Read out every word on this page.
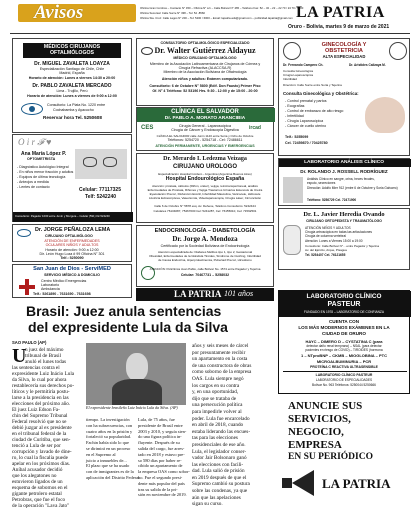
Avisos	Oficina Gran Combos – Contacto N° 450 – Oficina N° s/n – Calle Bolívar N° 465 – Teléfono Fax: 52 – 32 – 22 – 22 70 / 24 70 / 5300
Oficina Sucursal: Calle Sucre N° 338 – Tel: 52 -8560
Oficina Sta. Cruz: Calle Lagos N° 200 – Tel: 5200 / 6000 – Email: lapatria.ads@gmail.com – publicidad.lapatria@gmail.com LA PATRIA
Oruro - Bolivia, martes 9 de marzo de 2021
MÉDICOS CIRUJANOS
OFTALMÓLOGOS
Dr. MIGUEL ZAVALETA LOAYZA
Especialización Santiago de Chile, Chile
Madrid, España
Horario de atención: Lunes a viernes 14:30 a 20:00
Dr. PABLO ZAVALETA MERCADO
Lima - Trujillo, Perú
Horario de atención: Lunes a viernes de 9:00 a 12:00
Consultorio: La Plata No. 1220 entre
Cochabamba y Ayacucho
Reservar hora Tel. 5250608
O i r 𝓕 ♥
Ana María López P.
OPTOMETRISTA
- Diagnóstico Autológico Integral
- En niños menor fracción y adultos
- Equipos de última tecnología
- Anteojos a medida
- Lentes de contacto	Celular: 77117325
Telf: 5242240
Consultorio: Pagador 1030 entre Junín y Murguía – Celular (591) 02-524240
Dr. JORGE PEÑALOZA LEMA
CIRUJANO OFTALMÓLOGO
ATENCIÓN DE ENFERMEDADES
OCULARES NIÑOS Y ADULTOS
Horario de atención: 9:00 a 12:00
Dir. León Hugo Loza # 99 Oficina N° 301
Telf.: 5250090
San Juan de Dios - ServiMED
SERVICIO MÉDICO A DOMICILIO
Centro Médico Emergencias
Laboratorio
Ambulancia
Telf.: 5261890 - 7631690 - 7631698
CONSULTORIO OFTALMOLÓGICO ESPECIALIZADO
Dr. Walter Gutiérrez Aldayuz
MÉDICO CIRUJANO OFTALMÓLOGO
Miembro de la Asociación Latinoamericana de Cirujanos de Córnea y
Cirugía Refractiva (ALACCSA-R)
Miembro de la Asociación Boliviana de Oftalmología
Atención niños y adultos: Exámen computarizado.
Consultorio: 6 de Octubre N° 5800 (Edif. Don Fausto) Primer Piso
Of. N° 4 Teléfono: 52 53196 Hrs. 9:30 - 12:00 y de 15:00 - 20:00
CLÍNICA EL SALVADOR
Dr. PABLO A. MORATO ARANCIBIA
CES	ircad
Cirugía General - Laparoscópica
Cirugía de Cáncer y Endoscopia Digestiva
CLÍNICA EL SALVADOR calle Junín 1140 entre Soria y Ocho de Octubre
Teléfonos: 5254720 - 5254718 - Cel: 72486611
ATENCIÓN PERMANENTE, URGENCIAS Y EMERGENCIAS
Dr. Merardo I. Ledezma Veizaga
CIRUJANO UROLOGO
Especialización Hospital Cordero - Argentina (Argentina Buenos Aires)
Hospital Endourológico España
Atención: próstata, cálculos (Riñón, uréter), vejiga, retrotransperitoneal, análisis
Enfermedades de Próstata, Riñones y Vejiga Trastornos Urinarios Estenosis de Uretra
Eyaculación Precoz, Disfunción Eréctil, Infertilidad Masculina, Varicocele, Hidrocele
Litotricia Extracorpórea, Vasectomía, Videolaparoscopía, Cirugía Láser, Circuncisión
Calle 6 de Octubre N° 5878 esq. Av. Dehene, Teléfono Consultorio: 5242424
Celulares 76134087, 75467000 Cel: 5241287, Cel: 76155010, Cel: 71592501
ENDOCRINOLOGÍA – DIABETOLOGÍA
Dr. Jorge A. Mendoza
Certificado por la Sociedad Boliviana de Endocrinología
Atención especializada de: Diabetes Mellitus tipo 1, tipo 2, Gestacional
Obesidad, Enfermedades de la Glándula Tiroides, Síndrome de Cushing, Infertilidad
de Causa Endocrina, Hiperprolactinemia, Pubertad Precoz, Hirsutismo
ATENCIÓN: Policlínica Juan Pablo, calle Bolívar No. 1574 entre Pagador y Tejerina
Celular: 70467731 – 5258032
LA PATRIA 101 años
GINECOLOGÍA Y
OBSTETRICIA
ALTA ESPECIALIDAD
Dr. Fernando Campero Ch.	Dr. Aristides Calizaya M.
Consulta Ginecológica
Cirugía Laparoscópica
Infertilidad
Dirección: Calle Sucre entre Soria y Tejerina
Consulta Ginecológica y Obstétrica:
- Control prenatal y partos
- Ecografías
- Control de embarazo de alto riesgo
- Infertilidad
- Cirugía Laparoscópica
- Cáncer de cuello uterino
Telf.: 5255099
Cel. 72459870 / 70425780
LABORATORIO ANÁLISIS CLÍNICO
Dr. ROLANDO J. ROSSELL RODRÍGUEZ
Análisis Clínico en sangre, orina, heces fecales,
esputo, secreciones
Dirección: Adolfo Mier 912 (entre 6 de Octubre y Soria Galvarro)
Teléfono: 5256729 Cel. 72471900
Dr. L. Javier Heredia Ovando
CIRUJANO ORTOPEDISTA Y TRAUMATÓLOGO
ATENCIÓN NIÑOS Y ADULTOS
Cirugía artroscópica en todas las articulaciones
Cirugía de columna vertebral
Atención: Lunes a Viernes 15:00 a 19:00
Consultorio: Calle Bolívar N°... entre Pagador y Tejerina
Av. del Ejército, Arque, Pisagua
Tel. 5254407 Cel. 76121655
LABORATORIO CLÍNICO
PASTEUR
FUNDADO EN 1978 – LABORATORIO DE CONFIANZA
CUENTA CON
LOS MÁS MODERNOS EXÁMENES EN LA
CIUDAD DE ORURO
HAYC – DIMERO D – CYSTATINA C (para
detectar daño renal temprano) – NSAL (para detectar
pacientes en riesgo de COVID) – TIROIDES (hormona
1 – NTproBNP – CKMB – MIOGLOBINA – PTC
MICROALBUMINURIA – PCR
PROTEÍNA C REACTIVA ULTRASENSIBLE
LABORATORIO CLÍNICO PASTEUR
LABORATORIO DE ESPECIALIDADES
Bolívar No. 963 Teléfonos: 5250044 5250666
ANUNCIE SUS
SERVICIOS,
NEGOCIO,
EMPRESA
EN SU PERIÓDICO
LA PATRIA
Brasil: Juez anula sentencias
del expresidente Lula da Silva
SAO PAULO (AP)
U
n juez del máximo
tribunal de Brasil
anuló el lunes todas
las sentencias contra el
expresidente Luiz Inácio Lula
da Silva, lo cual por ahora
restablecería sus derechos po-
líticos y le permitiría postu-
larse a la presidencia en las
elecciones del próximo año.
El juez Luiz Edson Fa-
chin del Supremo Tribunal
Federal resolvió que no se
debió juzgar al ex presidente
en el tribunal federal de la
ciudad de Curitiba, que sen-
tenció a Lula de ser por
corrupción y lavado de dine-
ro, lo cual la fiscalía puede
apelar en los próximos días.
Aníbal acusador decidió
que los alegatones no
estuvieron ligados de un
esquema de sobornos en el
gigante petrolero estatal
Petrobras, que fue el foco
de la operación "Lava Jato"
El expresidente brasileño Luiz Inácio Lula da Silva. (AP)
tiempo. La investigación
con ha subsecuencias, con
cuatro años en la prisión y
fortaleció su popularidad.
Fachin había sido lo que
se dirimirá en un proceso
en el Supremo al
juicio a inmuebles de...
El plazo que se ha usado
con de inmigrantes es de la
aplicación del Distrito Federal.
Lula, de 75 años, fue
presidente de Brasil entre
2003 y 2010, y seguía sien-
do una figura política in-
fluyente. Después de su
salida del cargo, fue arres-
tado en 2018 y estuvo pre-
so 580 días por haber re-
cibido un apartamento de
la empresa OAS como sobor-
no. Fue el segundo presi-
dente más popular del país
tras su salida de la pri-
sión en noviembre de 2019.
años y seis meses de cárcel
por presuntamente recibir
un apartamento en la costa
de una constructora de obras
como soborno de la empresa
OAS. Lula siempre negó
los cargos en su contra
y, en una oportunidad,
dijo que se trataba de
una persecución política
para impedirle volver al
poder. Lula fue encarcelado
en abril de 2018, cuando
estaba liderando las encues-
tas para las elecciones
presidenciales de ese año.
Lula, el legislador conser-
vador Jair Bolsonaro ganó
las elecciones con facili-
dad. Lula salió de prisión
en 2019 después de que el
Supremo cambió su postura
sobre las condenas, ya que
aún que las apelaciones
sigan su curso.
